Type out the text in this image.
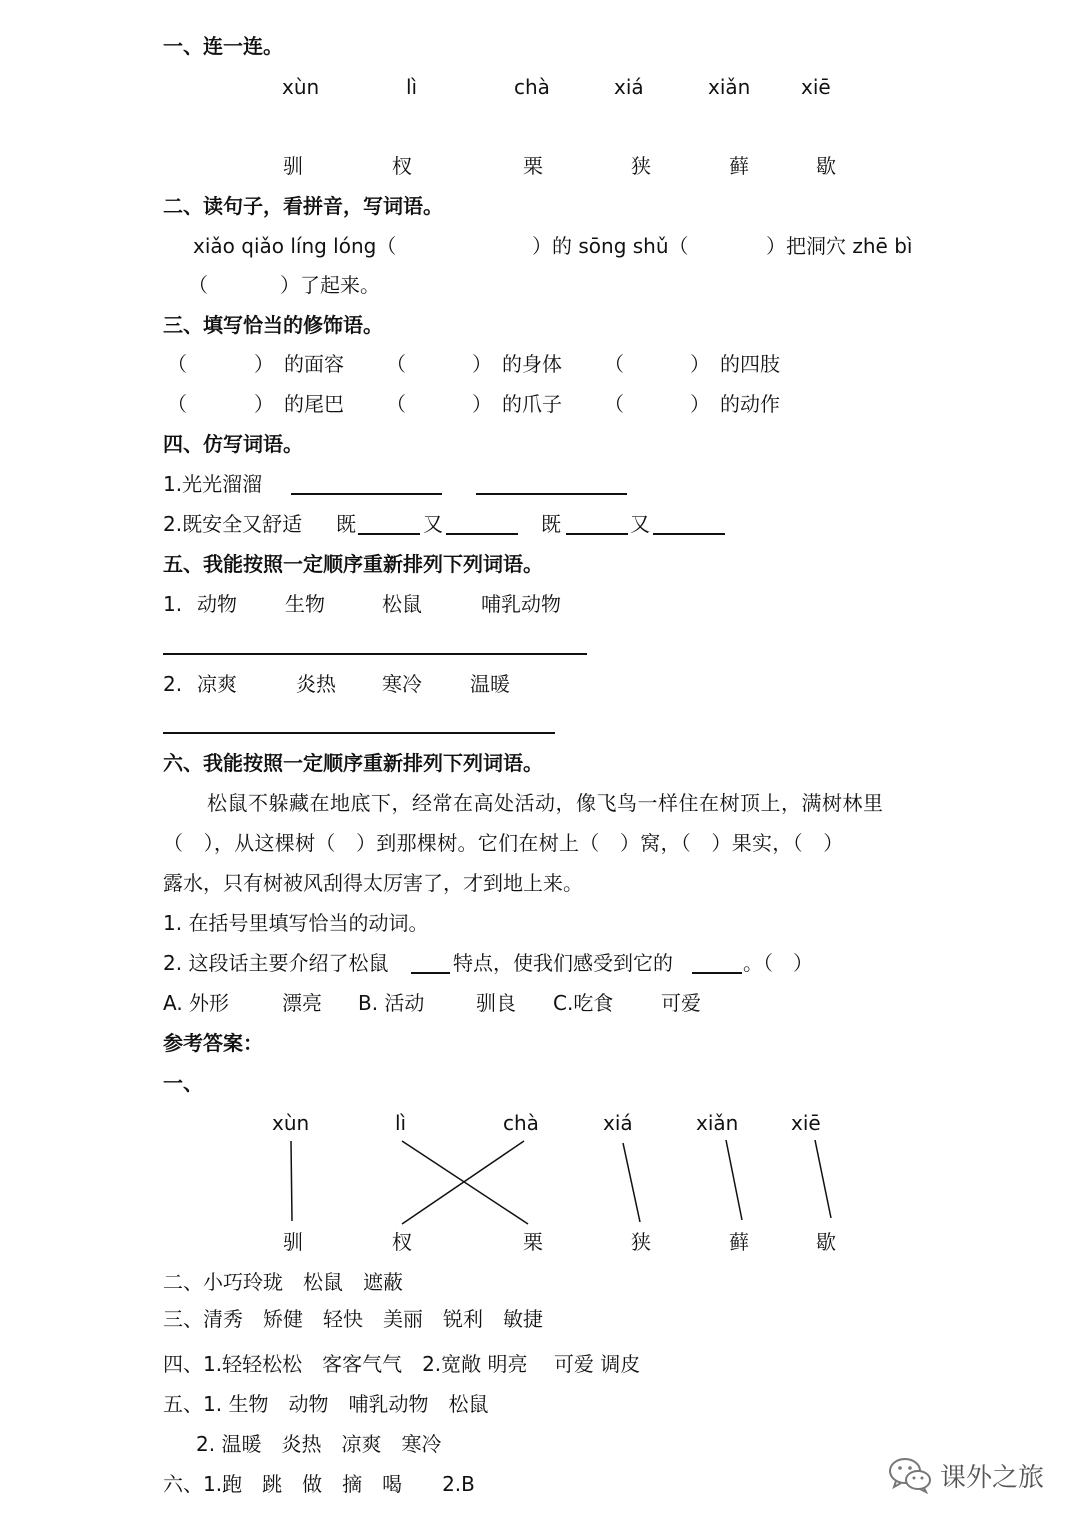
一、连一连。
xùn	lì	chà	xiá	xiǎn	xiē
驯	杈	栗	狭	藓	歇
二、读句子，看拼音，写词语。
xiǎo qiǎo líng lóng（	）的 sōng shǔ（	）把洞穴 zhē bì
（	）了起来。
三、填写恰当的修饰语。
（	） 的面容 （	） 的身体 （	） 的四肢
（	） 的尾巴 （	） 的爪子 （	） 的动作
四、仿写词语。
1.光光溜溜
2.既安全又舒适 既	又	既	又
五、我能按照一定顺序重新排列下列词语。
1. 动物 生物	松鼠	哺乳动物
2. 凉爽	炎热 寒冷 温暖
六、我能按照一定顺序重新排列下列词语。
松鼠不躲藏在地底下，经常在高处活动，像飞鸟一样住在树顶上，满树林里
（　），从这棵树（　）到那棵树。它们在树上（　）窝，（　）果实，（　）
露水，只有树被风刮得太厉害了，才到地上来。
1. 在括号里填写恰当的动词。
2. 这段话主要介绍了松鼠	特点，使我们感受到它的	。（　）
A. 外形	漂亮 B. 活动	驯良 C.吃食 可爱
参考答案：
一、
xùn	lì	chà	xiá	xiǎn	xiē
驯	杈	栗	狭	藓	歇
二、小巧玲珑　松鼠　遮蔽
三、清秀　矫健　轻快　美丽　锐利　敏捷
四、1.轻轻松松　客客气气　2.宽敞 明亮　 可爱 调皮
五、1. 生物　动物　哺乳动物　松鼠
2. 温暖　炎热　凉爽　寒冷
六、1.跑　跳　做　摘　喝　　2.B	课外之旅
